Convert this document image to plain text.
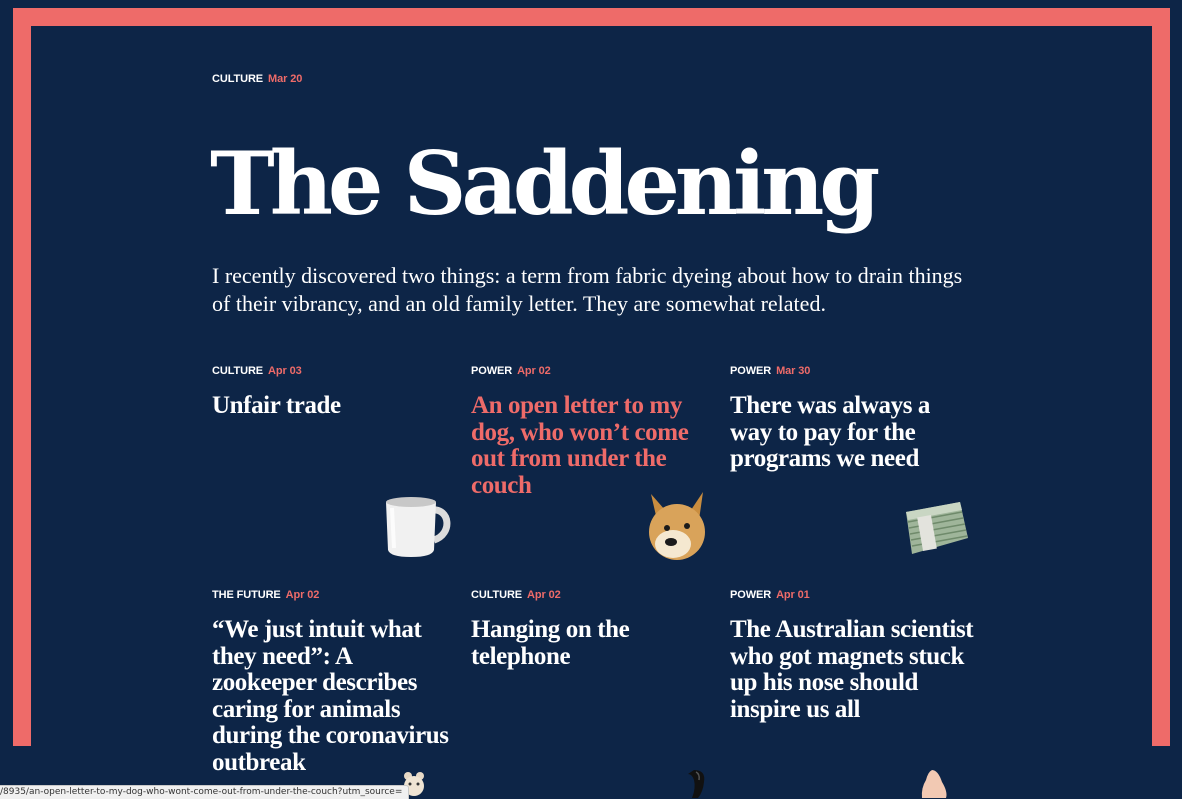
CULTURE Mar 20
The Saddening

I recently discovered two things: a term from fabric dyeing about how to drain things of their vibrancy, and an old family letter. They are somewhat related.

CULTURE Apr 03
Unfair trade
POWER Apr 02
An open letter to my dog, who won’t come out from under the couch
POWER Mar 30
There was always a way to pay for the programs we need
THE FUTURE Apr 02
“We just intuit what they need”: A zookeeper describes caring for animals during the coronavirus outbreak
CULTURE Apr 02
Hanging on the telephone
POWER Apr 01
The Australian scientist who got magnets stuck up his nose should inspire us all
/8935/an-open-letter-to-my-dog-who-wont-come-out-from-under-the-couch?utm_source=
